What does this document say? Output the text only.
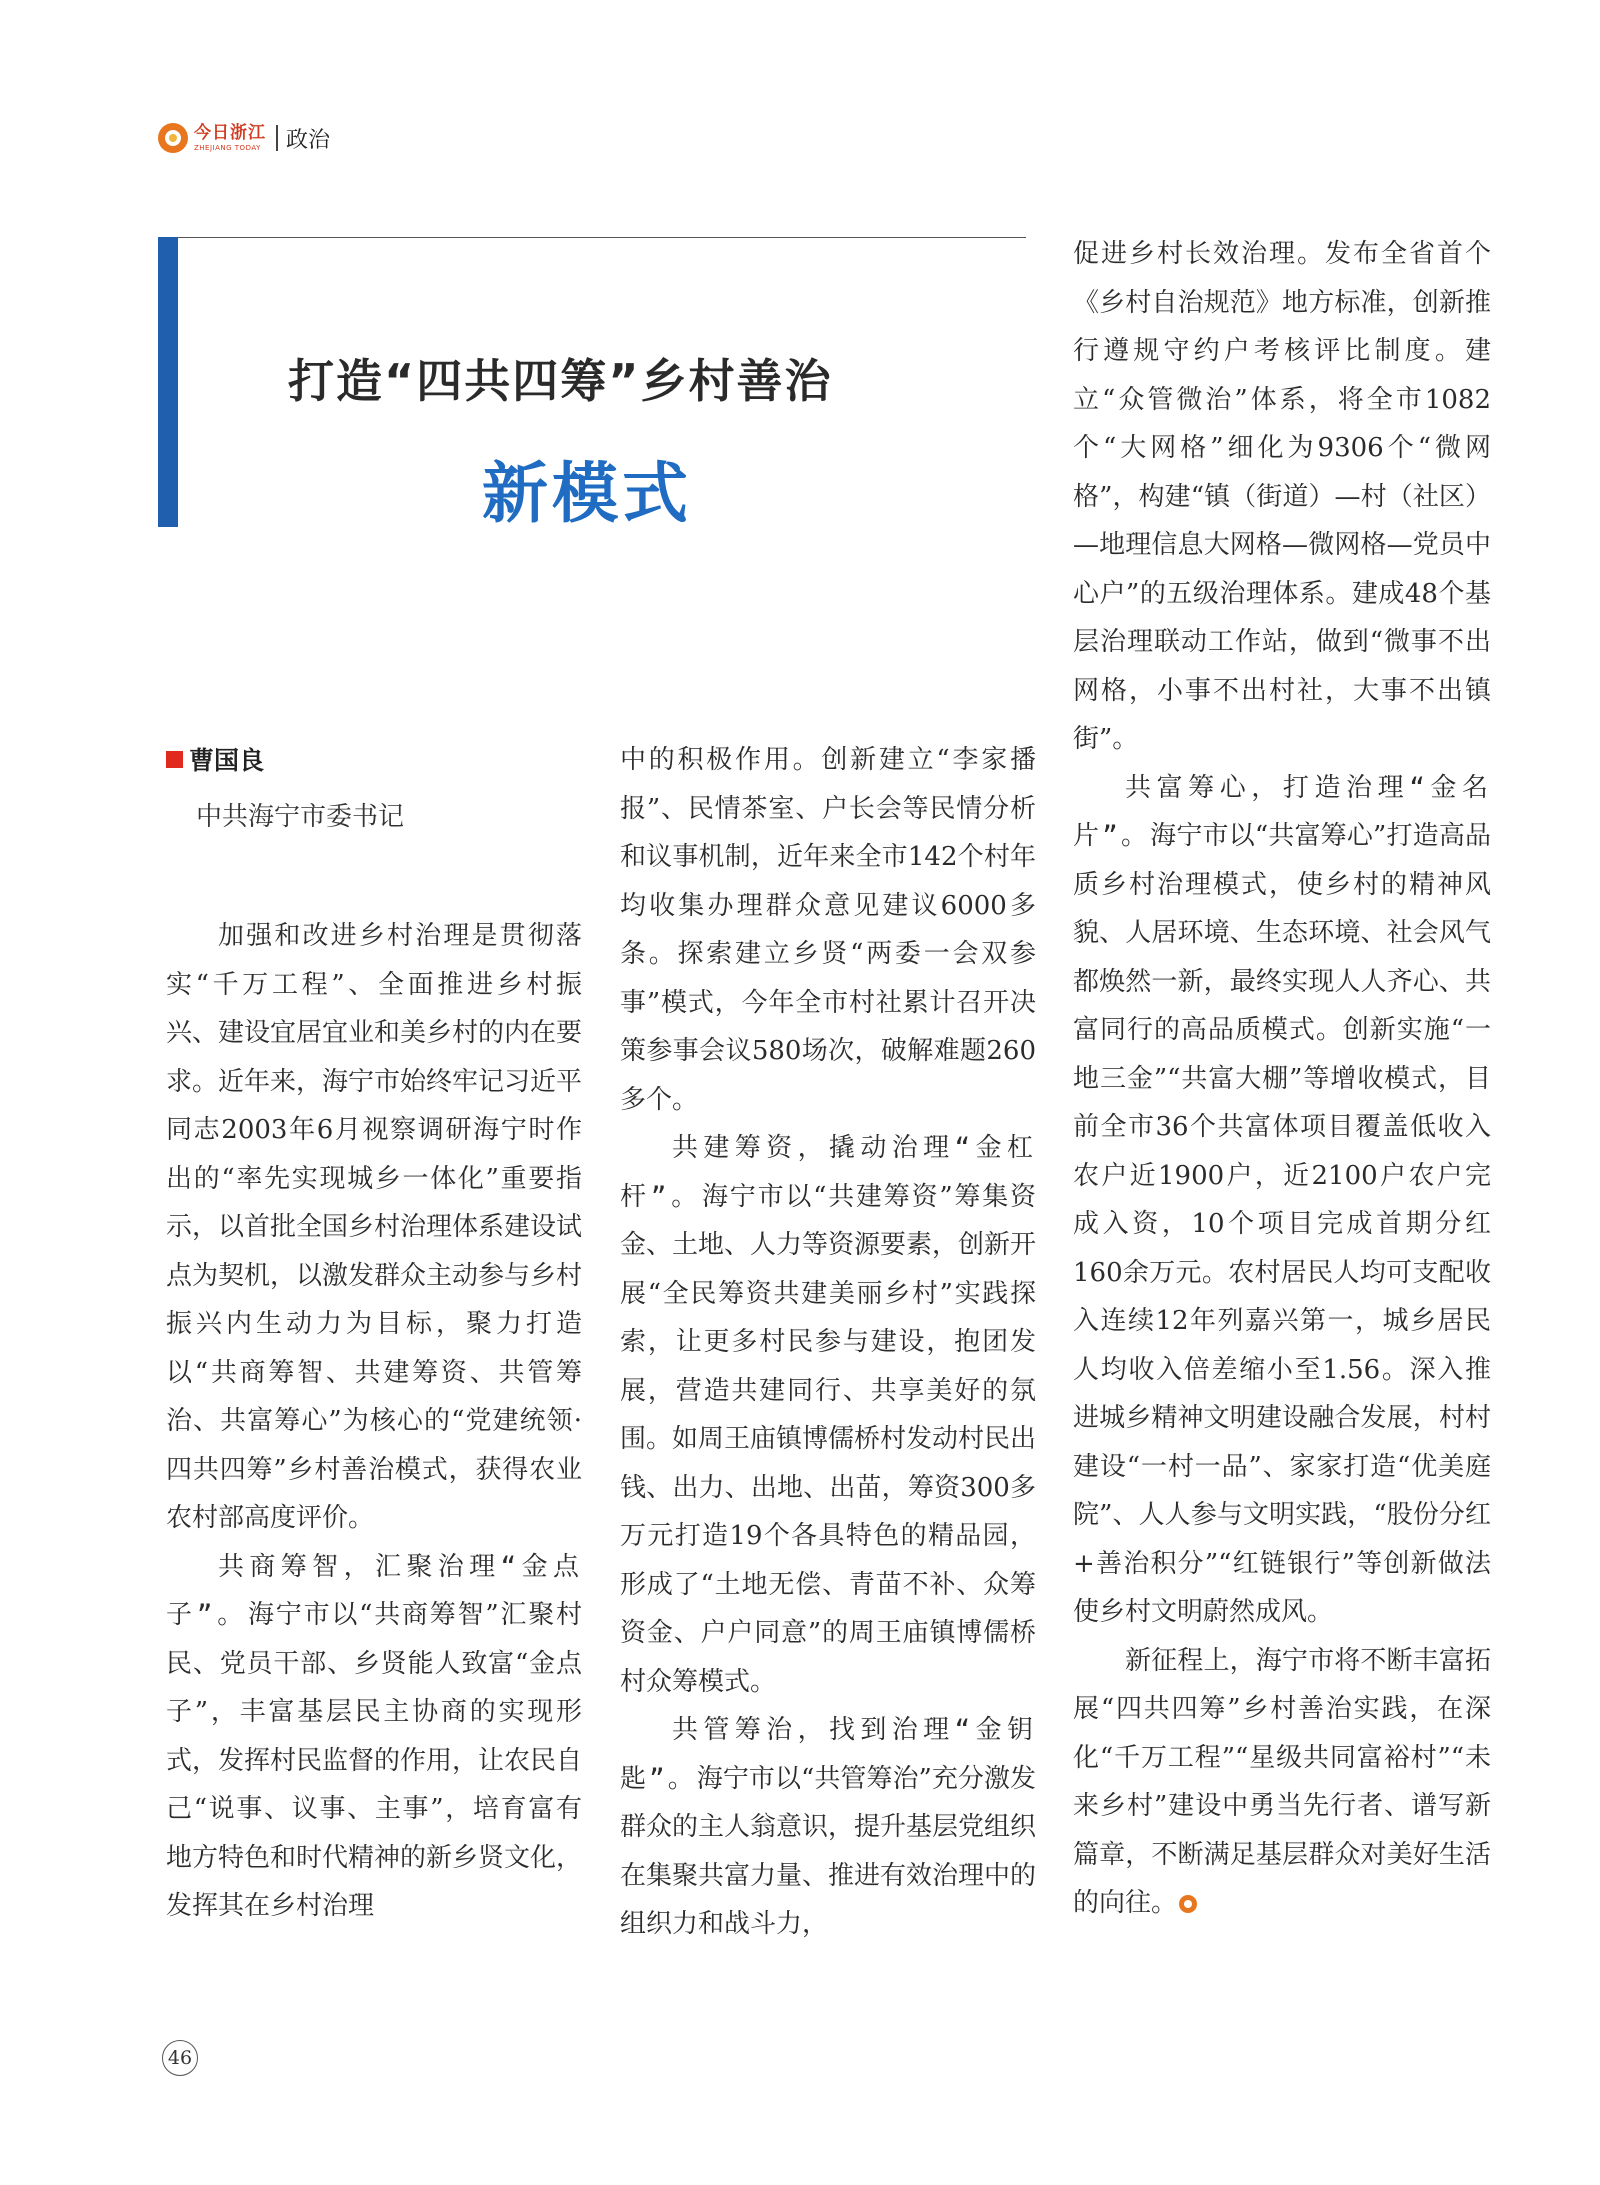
今日浙江
ZHEJIANG TODAY 政治
打造“四共四筹”乡村善治
新模式
曹国良
中共海宁市委书记

加强和改进乡村治理是贯彻落实“千万工程”、全面推进乡村振兴、建设宜居宜业和美乡村的内在要求。近年来，海宁市始终牢记习近平同志2003年6月视察调研海宁时作出的“率先实现城乡一体化”重要指示，以首批全国乡村治理体系建设试点为契机，以激发群众主动参与乡村振兴内生动力为目标，聚力打造以“共商筹智、共建筹资、共管筹治、共富筹心”为核心的“党建统领·四共四筹”乡村善治模式，获得农业农村部高度评价。

共商筹智，汇聚治理“金点子”。海宁市以“共商筹智”汇聚村民、党员干部、乡贤能人致富“金点子”，丰富基层民主协商的实现形式，发挥村民监督的作用，让农民自己“说事、议事、主事”，培育富有地方特色和时代精神的新乡贤文化，发挥其在乡村治理

中的积极作用。创新建立“李家播报”、民情茶室、户长会等民情分析和议事机制，近年来全市142个村年均收集办理群众意见建议6000多条。探索建立乡贤“两委一会双参事”模式，今年全市村社累计召开决策参事会议580场次，破解难题260多个。

共建筹资，撬动治理“金杠杆”。海宁市以“共建筹资”筹集资金、土地、人力等资源要素，创新开展“全民筹资共建美丽乡村”实践探索，让更多村民参与建设，抱团发展，营造共建同行、共享美好的氛围。如周王庙镇博儒桥村发动村民出钱、出力、出地、出苗，筹资300多万元打造19个各具特色的精品园，形成了“土地无偿、青苗不补、众筹资金、户户同意”的周王庙镇博儒桥村众筹模式。

共管筹治，找到治理“金钥匙”。海宁市以“共管筹治”充分激发群众的主人翁意识，提升基层党组织在集聚共富力量、推进有效治理中的组织力和战斗力，

促进乡村长效治理。发布全省首个《乡村自治规范》地方标准，创新推行遵规守约户考核评比制度。建立“众管微治”体系，将全市1082个“大网格”细化为9306个“微网格”，构建“镇（街道）—村（社区）—地理信息大网格—微网格—党员中心户”的五级治理体系。建成48个基层治理联动工作站，做到“微事不出网格，小事不出村社，大事不出镇街”。

共富筹心，打造治理“金名片”。海宁市以“共富筹心”打造高品质乡村治理模式，使乡村的精神风貌、人居环境、生态环境、社会风气都焕然一新，最终实现人人齐心、共富同行的高品质模式。创新实施“一地三金”“共富大棚”等增收模式，目前全市36个共富体项目覆盖低收入农户近1900户，近2100户农户完成入资，10个项目完成首期分红160余万元。农村居民人均可支配收入连续12年列嘉兴第一，城乡居民人均收入倍差缩小至1.56。深入推进城乡精神文明建设融合发展，村村建设“一村一品”、家家打造“优美庭院”、人人参与文明实践，“股份分红+善治积分”“红链银行”等创新做法使乡村文明蔚然成风。

新征程上，海宁市将不断丰富拓展“四共四筹”乡村善治实践，在深化“千万工程”“星级共同富裕村”“未来乡村”建设中勇当先行者、谱写新篇章，不断满足基层群众对美好生活的向往。

46
